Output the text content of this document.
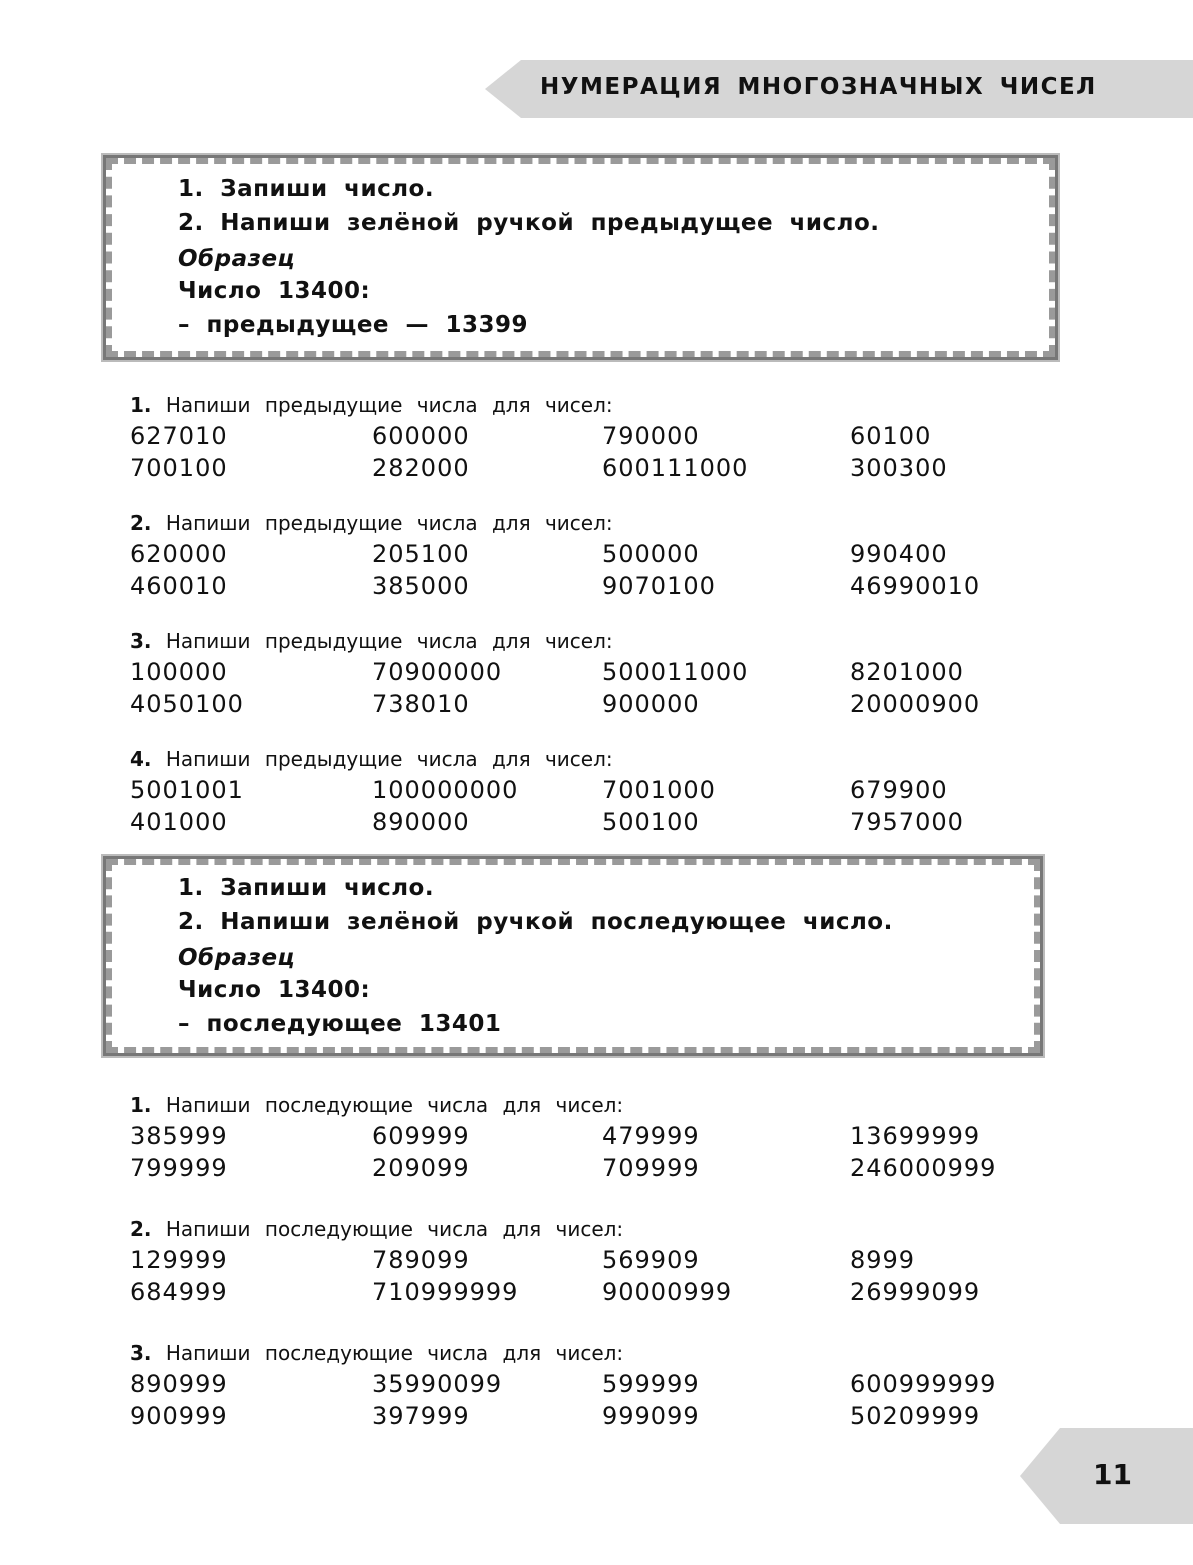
НУМЕРАЦИЯ МНОГОЗНАЧНЫХ ЧИСЕЛ
1. Запиши число.
2. Напиши зелёной ручкой предыдущее число.
Образец
Число 13400:
– предыдущее — 13399
1. Напиши предыдущие числа для чисел:
627010	600000	790000	60100
700100	282000	600111000	300300
2. Напиши предыдущие числа для чисел:
620000	205100	500000	990400
460010	385000	9070100	46990010
3. Напиши предыдущие числа для чисел:
100000	70900000	500011000	8201000
4050100	738010	900000	20000900
4. Напиши предыдущие числа для чисел:
5001001	100000000	7001000	679900
401000	890000	500100	7957000
1. Запиши число.
2. Напиши зелёной ручкой последующее число.
Образец
Число 13400:
– последующее 13401
1. Напиши последующие числа для чисел:
385999	609999	479999	13699999
799999	209099	709999	246000999
2. Напиши последующие числа для чисел:
129999	789099	569909	8999
684999	710999999	90000999	26999099
3. Напиши последующие числа для чисел:
890999	35990099	599999	600999999
900999	397999	999099	50209999
11
